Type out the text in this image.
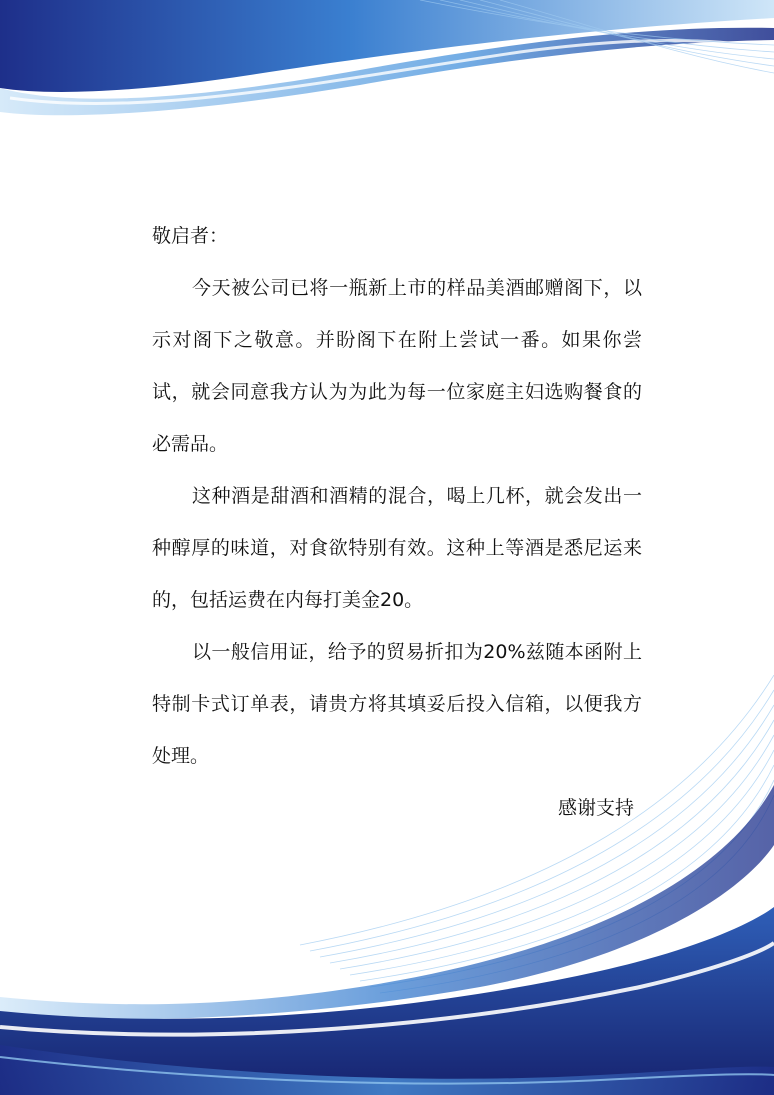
敬启者：

今天被公司已将一瓶新上市的样品美酒邮赠阁下，以示对阁下之敬意。并盼阁下在附上尝试一番。如果你尝试，就会同意我方认为为此为每一位家庭主妇选购餐食的必需品。

这种酒是甜酒和酒精的混合，喝上几杯，就会发出一种醇厚的味道，对食欲特别有效。这种上等酒是悉尼运来的，包括运费在内每打美金20。

以一般信用证，给予的贸易折扣为20%兹随本函附上特制卡式订单表，请贵方将其填妥后投入信箱，以便我方处理。

感谢支持
